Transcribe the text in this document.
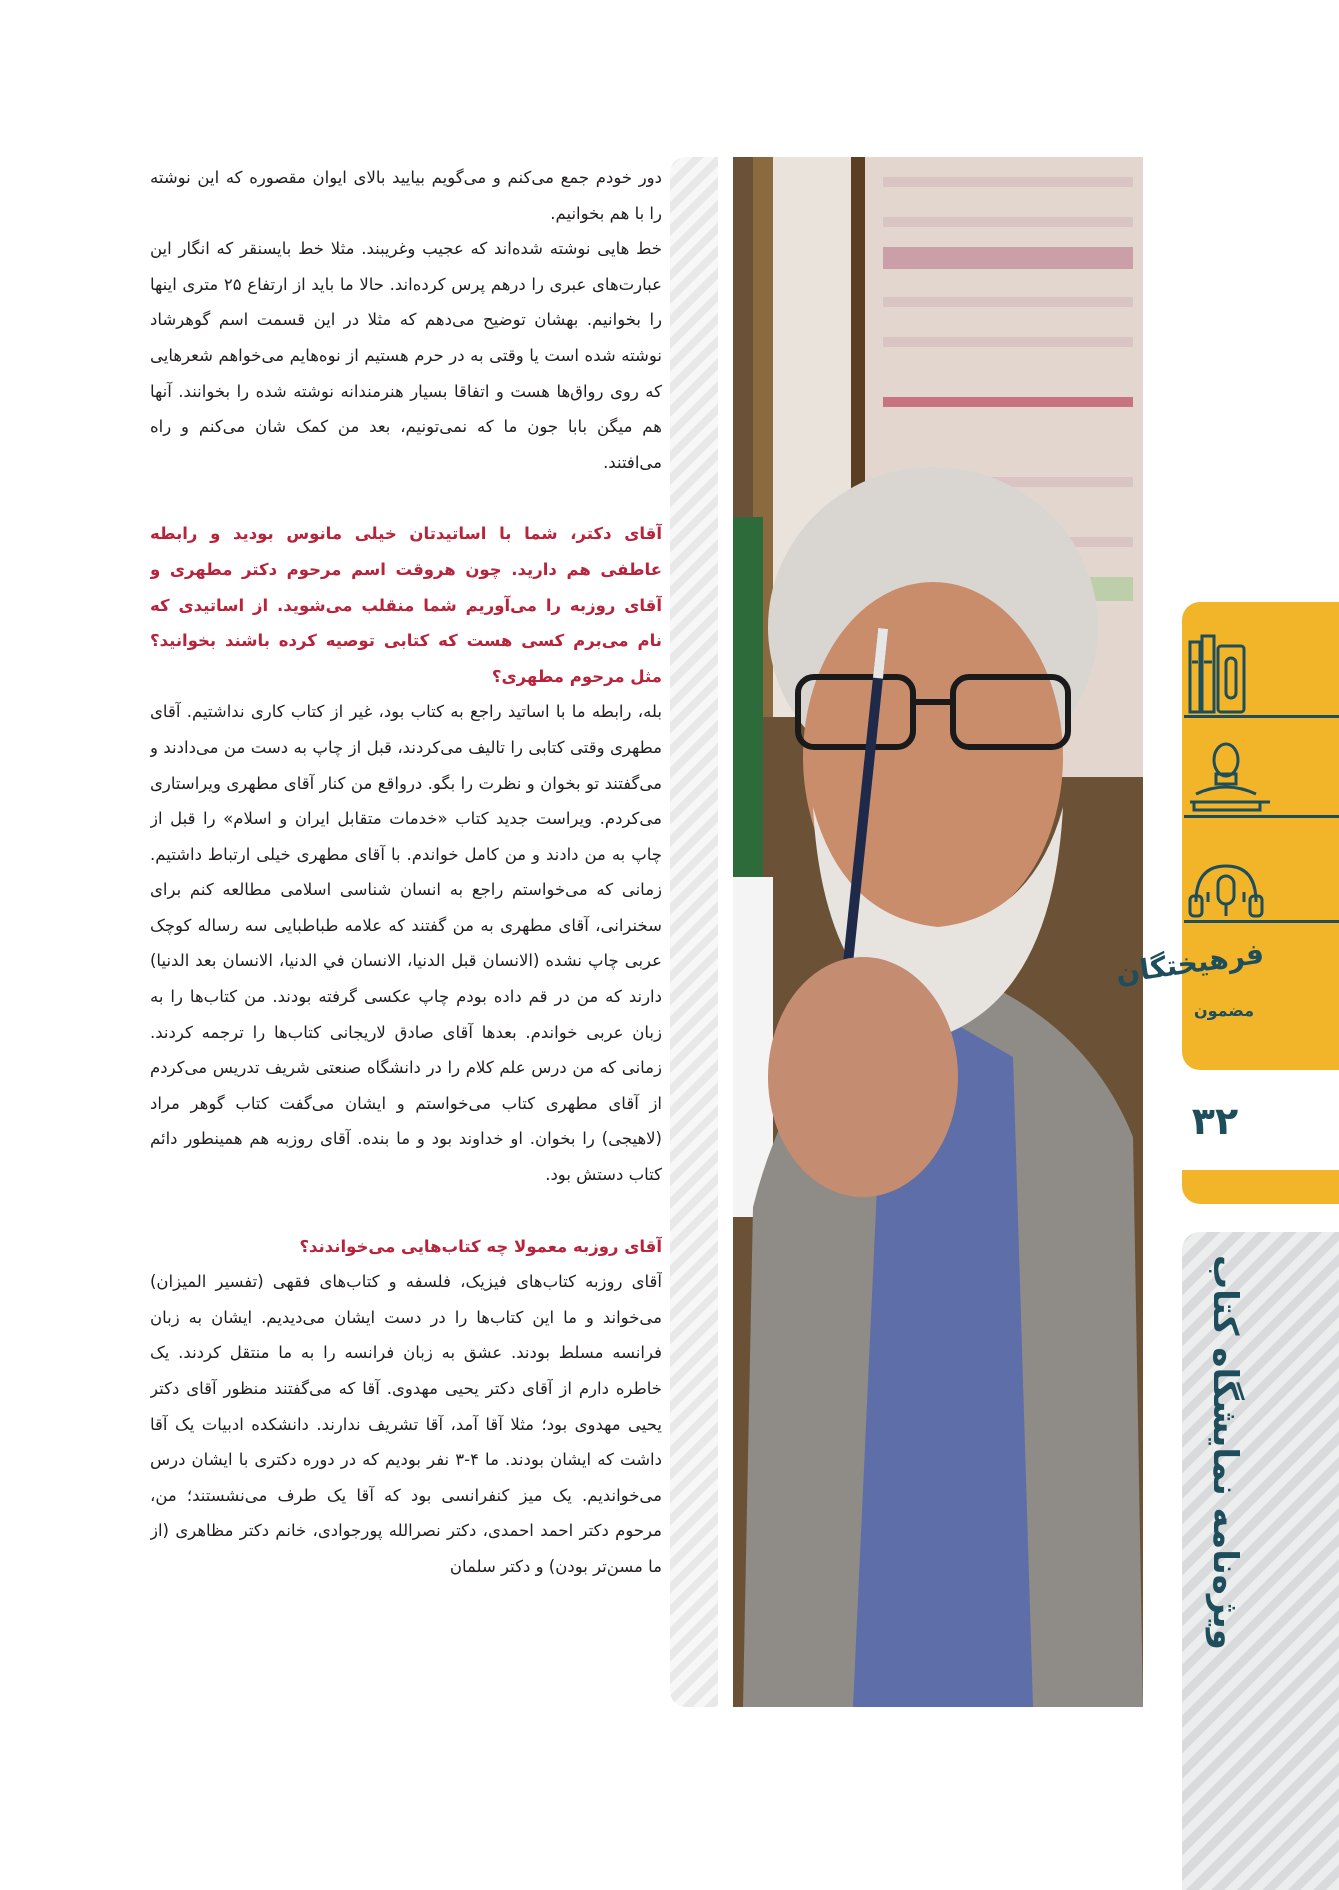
دور خودم جمع می‌کنم و می‌گویم بیایید بالای ایوان مقصوره که این نوشته را با هم بخوانیم.

خط هایی نوشته شده‌اند که عجیب وغریبند. مثلا خط بایسنقر که انگار این عبارت‌های عبری را درهم پرس کرده‌اند. حالا ما باید از ارتفاع ۲۵ متری اینها را بخوانیم. بهشان توضیح می‌دهم که مثلا در این قسمت اسم گوهرشاد نوشته شده است یا وقتی به در حرم هستیم از نوه‌هایم می‌خواهم شعرهایی که روی رواق‌ها هست و اتفاقا بسیار هنرمندانه نوشته شده را بخوانند. آنها هم میگن بابا جون ما که نمی‌تونیم، بعد من کمک شان می‌کنم و راه می‌افتند.

آقای دکتر، شما با اساتیدتان خیلی مانوس بودید و رابطه عاطفی هم دارید. چون هروقت اسم مرحوم دکتر مطهری و آقای روزبه را می‌آوریم شما منقلب می‌شوید. از اساتیدی که نام می‌برم کسی هست که کتابی توصیه کرده باشند بخوانید؟ مثل مرحوم مطهری؟

بله، رابطه ما با اساتید راجع به کتاب بود، غیر از کتاب کاری نداشتیم. آقای مطهری وقتی کتابی را تالیف می‌کردند، قبل از چاپ به دست من می‌دادند و می‌گفتند تو بخوان و نظرت را بگو. درواقع من کنار آقای مطهری ویراستاری می‌کردم. ویراست جدید کتاب «خدمات متقابل ایران و اسلام» را قبل از چاپ به من دادند و من کامل خواندم. با آقای مطهری خیلی ارتباط داشتیم. زمانی که می‌خواستم راجع به انسان شناسی اسلامی مطالعه کنم برای سخنرانی، آقای مطهری به من گفتند که علامه طباطبایی سه رساله کوچک عربی چاپ نشده (الانسان قبل الدنیا، الانسان في الدنیا، الانسان بعد الدنیا) دارند که من در قم داده بودم چاپ عکسی گرفته بودند. من کتاب‌ها را به زبان عربی خواندم. بعدها آقای صادق لاریجانی کتاب‌ها را ترجمه کردند. زمانی که من درس علم کلام را در دانشگاه صنعتی شریف تدریس می‌کردم از آقای مطهری کتاب می‌خواستم و ایشان می‌گفت کتاب گوهر مراد (لاهیجی) را بخوان. او خداوند بود و ما بنده. آقای روزبه هم همینطور دائم کتاب دستش بود.

آقای روزبه معمولا چه کتاب‌هایی می‌خواندند؟

آقای روزبه کتاب‌های فیزیک، فلسفه و کتاب‌های فقهی (تفسیر المیزان) می‌خواند و ما این کتاب‌ها را در دست ایشان می‌دیدیم. ایشان به زبان فرانسه مسلط بودند. عشق به زبان فرانسه را به ما منتقل کردند. یک خاطره دارم از آقای دکتر یحیی مهدوی. آقا که می‌گفتند منظور آقای دکتر یحیی مهدوی بود؛ مثلا آقا آمد، آقا تشریف ندارند. دانشکده ادبیات یک آقا داشت که ایشان بودند. ما ۴-۳ نفر بودیم که در دوره دکتری با ایشان درس می‌خواندیم. یک میز کنفرانسی بود که آقا یک طرف می‌نشستند؛ من، مرحوم دکتر احمد احمدی، دکتر نصرالله پورجوادی، خانم دکتر مظاهری (از ما مسن‌تر بودن) و دکتر سلمان

فرهیختگان
مضمون
۳۲
ویژه‌نامه نمایشگاه کتاب
